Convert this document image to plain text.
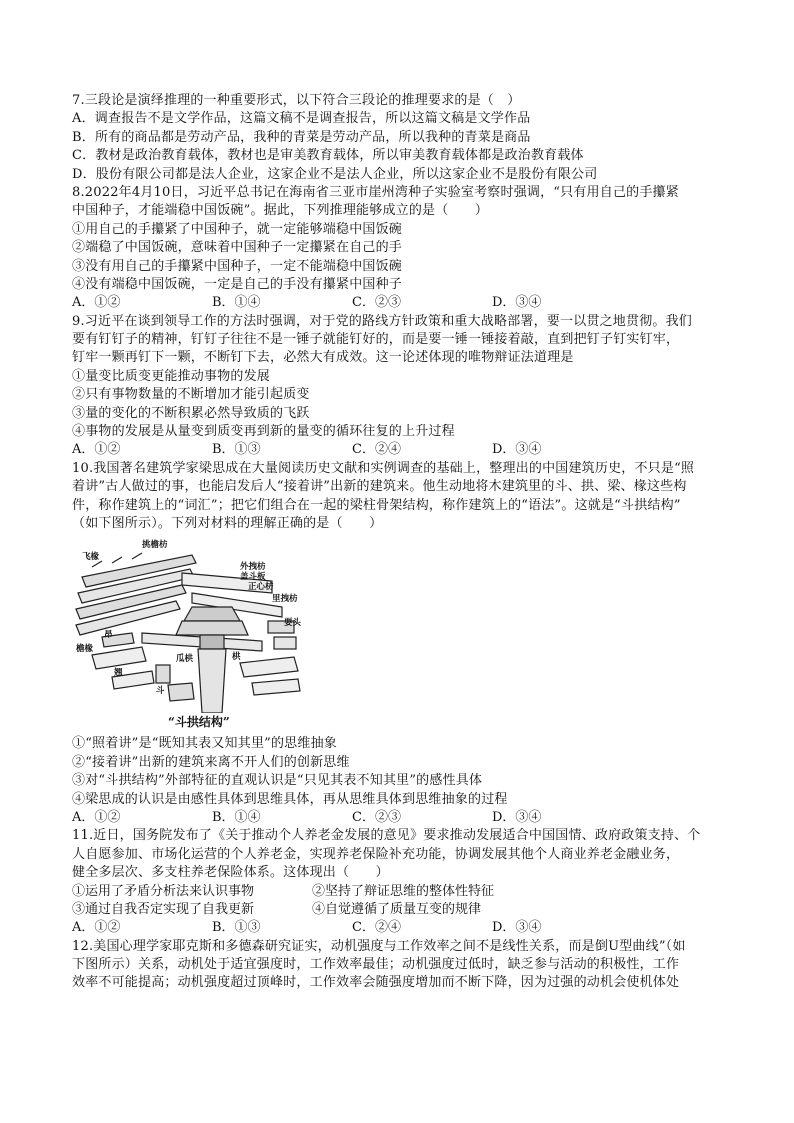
7.三段论是演绎推理的一种重要形式，以下符合三段论的推理要求的是（　）
A．调查报告不是文学作品，这篇文稿不是调查报告，所以这篇文稿是文学作品
B．所有的商品都是劳动产品，我种的青菜是劳动产品，所以我种的青菜是商品
C．教材是政治教育载体，教材也是审美教育载体，所以审美教育载体都是政治教育载体
D．股份有限公司都是法人企业，这家企业不是法人企业，所以这家企业不是股份有限公司
8.2022年4月10日，习近平总书记在海南省三亚市崖州湾种子实验室考察时强调，“只有用自己的手攥紧
中国种子，才能端稳中国饭碗”。据此，下列推理能够成立的是（　　）
①用自己的手攥紧了中国种子，就一定能够端稳中国饭碗
②端稳了中国饭碗，意味着中国种子一定攥紧在自己的手
③没有用自己的手攥紧中国种子，一定不能端稳中国饭碗
④没有端稳中国饭碗，一定是自己的手没有攥紧中国种子
A．①②	B．①④	C．②③	D．③④
9.习近平在谈到领导工作的方法时强调，对于党的路线方针政策和重大战略部署，要一以贯之地贯彻。我们
要有钉钉子的精神，钉钉子往往不是一锤子就能钉好的，而是要一锤一锤接着敲，直到把钉子钉实钉牢，
钉牢一颗再钉下一颗，不断钉下去，必然大有成效。这一论述体现的唯物辩证法道理是
①量变比质变更能推动事物的发展
②只有事物数量的不断增加才能引起质变
③量的变化的不断积累必然导致质的飞跃
④事物的发展是从量变到质变再到新的量变的循环往复的上升过程
A．①②	B．①③	C．②④	D．③④
10.我国著名建筑学家梁思成在大量阅读历史文献和实例调查的基础上，整理出的中国建筑历史，不只是“照
着讲”古人做过的事，也能启发后人“接着讲”出新的建筑来。他生动地将木建筑里的斗、拱、梁、椽这些构
件，称作建筑上的“词汇”；把它们组合在一起的梁柱骨架结构，称作建筑上的“语法”。这就是“斗拱结构”
（如下图所示）。下列对材料的理解正确的是（　　）
飞椽
挑檐枋
外拽枋
盖斗板
正心枋
里拽枋
昂
檐椽
耍头
翘
斗
栱
瓜栱
“斗拱结构”
①“照着讲”是“既知其表又知其里”的思维抽象
②“接着讲”出新的建筑来离不开人们的创新思维
③对“斗拱结构”外部特征的直观认识是“只见其表不知其里”的感性具体
④梁思成的认识是由感性具体到思维具体，再从思维具体到思维抽象的过程
A．①②	B．①④	C．②③	D．③④
11.近日，国务院发布了《关于推动个人养老金发展的意见》要求推动发展适合中国国情、政府政策支持、个
人自愿参加、市场化运营的个人养老金，实现养老保险补充功能，协调发展其他个人商业养老金融业务，
健全多层次、多支柱养老保险体系。这体现出（　　）
①运用了矛盾分析法来认识事物	②坚持了辩证思维的整体性特征
③通过自我否定实现了自我更新	④自觉遵循了质量互变的规律
A．①②	B．①③	C．②④	D．③④
12.美国心理学家耶克斯和多德森研究证实，动机强度与工作效率之间不是线性关系，而是倒U型曲线”（如
下图所示）关系，动机处于适宜强度时，工作效率最佳；动机强度过低时，缺乏参与活动的积极性，工作
效率不可能提高；动机强度超过顶峰时，工作效率会随强度增加而不断下降，因为过强的动机会使机体处
